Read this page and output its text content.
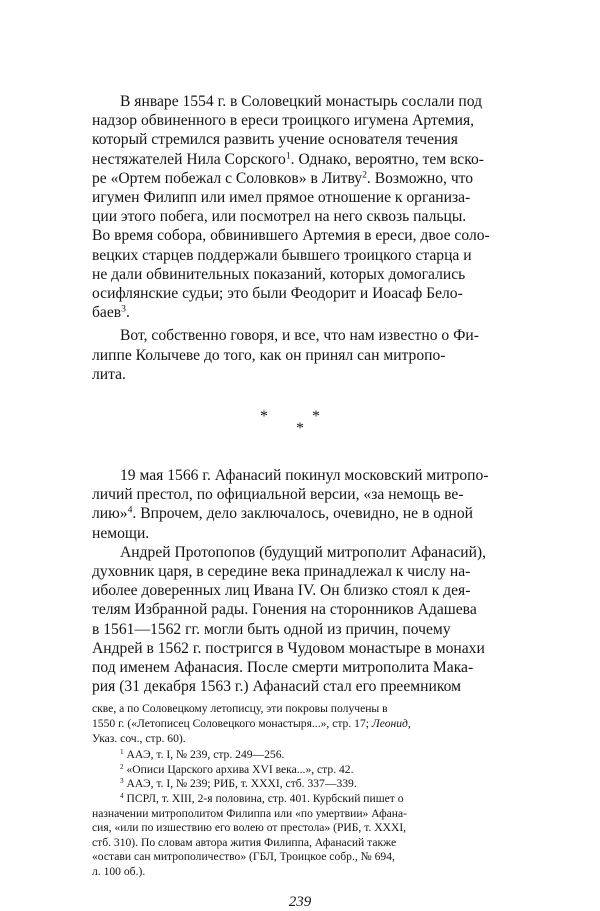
В январе 1554 г. в Соловецкий монастырь сослали под

надзор обвиненного в ереси троицкого игумена Артемия,

который стремился развить учение основателя течения

нестяжателей Нила Сорского$^1$. Однако, вероятно, тем вско-

ре «Ортем побежал с Соловков» в Литву$^2$. Возможно, что

игумен Филипп или имел прямое отношение к организа-

ции этого побега, или посмотрел на него сквозь пальцы.

Во время собора, обвинившего Артемия в ереси, двое соло-

вецких старцев поддержали бывшего троицкого старца и

не дали обвинительных показаний, которых домогались

осифлянские судьи; это были Феодорит и Иоасаф Бело-

баев$^3$.

Вот, собственно говоря, и все, что нам известно о Фи-

липпе Колычеве до того, как он принял сан митропо-

лита.

* *
*

19 мая 1566 г. Афанасий покинул московский митропо-

личий престол, по официальной версии, «за немощь ве-

лию»$^4$. Впрочем, дело заключалось, очевидно, не в одной

немощи.

Андрей Протопопов (будущий митрополит Афанасий),

духовник царя, в середине века принадлежал к числу на-

иболее доверенных лиц Ивана IV. Он близко стоял к дея-

телям Избранной рады. Гонения на сторонников Адашева

в 1561—1562 гг. могли быть одной из причин, почему

Андрей в 1562 г. постригся в Чудовом монастыре в монахи

под именем Афанасия. После смерти митрополита Мака-

рия (31 декабря 1563 г.) Афанасий стал его преемником

скве, а по Соловецкому летописцу, эти покровы получены в

1550 г. («Летописец Соловецкого монастыря...», стр. 17; Леонид,

Указ. соч., стр. 60).

$^1$ ААЭ, т. I, № 239, стр. 249—256.

$^2$ «Описи Царского архива XVI века...», стр. 42.

$^3$ ААЭ, т. I, № 239; РИБ, т. XXXI, стб. 337—339.

$^4$ ПСРЛ, т. XIII, 2-я половина, стр. 401. Курбский пишет о

назначении митрополитом Филиппа или «по умертвии» Афана-

сия, «или по изшествию его волею от престола» (РИБ, т. XXXI,

стб. 310). По словам автора жития Филиппа, Афанасий также

«остави сан митрополичество» (ГБЛ, Троицкое собр., № 694,

л. 100 об.).

239
